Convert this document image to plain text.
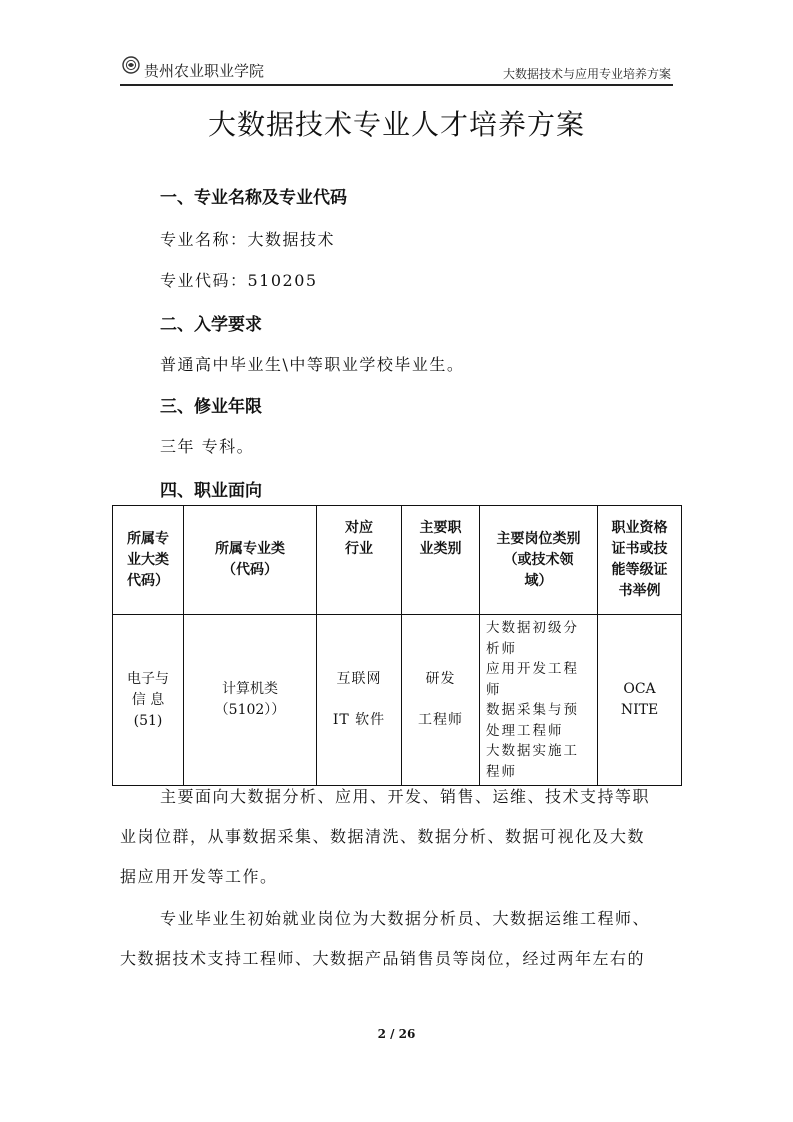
贵州农业职业学院	大数据技术与应用专业培养方案
大数据技术专业人才培养方案
一、专业名称及专业代码
专业名称：大数据技术
专业代码：510205
二、入学要求
普通高中毕业生\中等职业学校毕业生。
三、修业年限
三年 专科。
四、职业面向
所属专
业大类
代码）	所属专业类
（代码）	对应
行业	主要职
业类别	主要岗位类别
（或技术领
域）	职业资格
证书或技
能等级证
书举例

电子与
信 息
(51)	计算机类
（5102））	互联网
IT 软件	研发
工程师	大数据初级分析师
应用开发工程师
数据采集与预处理工程师
大数据实施工程师	OCA
NITE
主要面向大数据分析、应用、开发、销售、运维、技术支持等职
业岗位群，从事数据采集、数据清洗、数据分析、数据可视化及大数
据应用开发等工作。
专业毕业生初始就业岗位为大数据分析员、大数据运维工程师、
大数据技术支持工程师、大数据产品销售员等岗位，经过两年左右的
2 / 26
